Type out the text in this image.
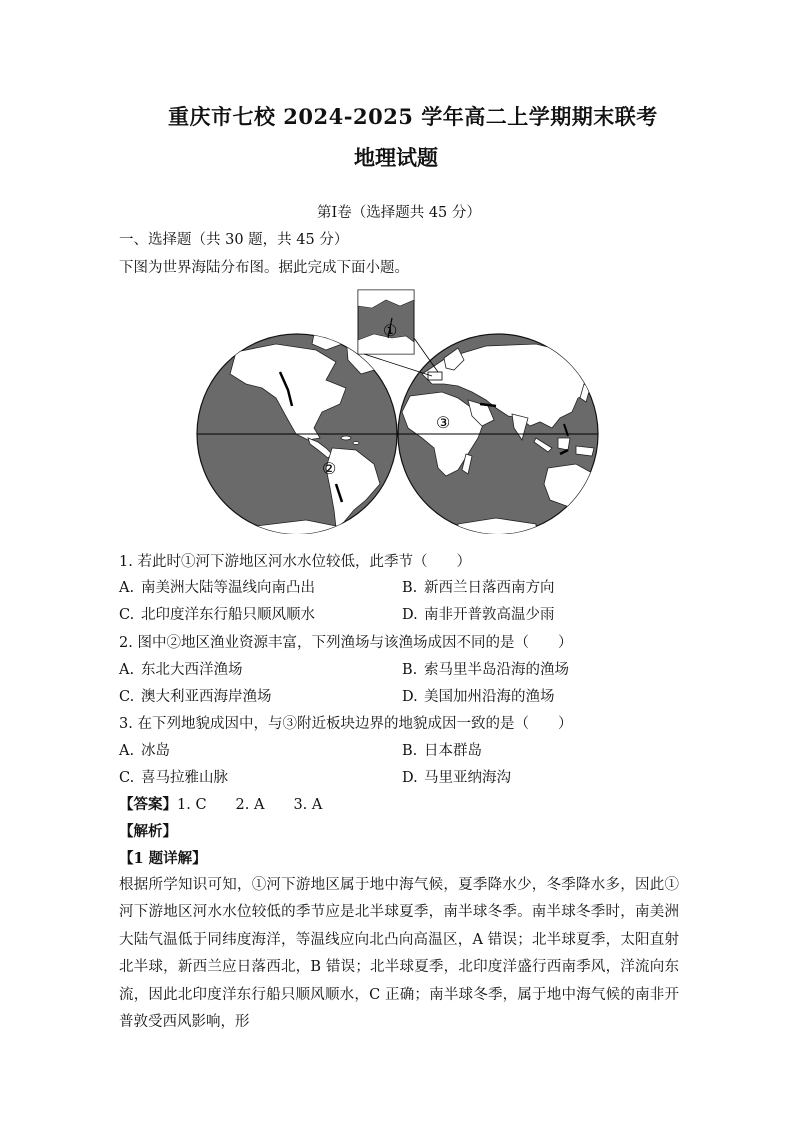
重庆市七校 2024-2025 学年高二上学期期末联考
地理试题
第Ⅰ卷（选择题共 45 分）
一、选择题（共 30 题，共 45 分）
下图为世界海陆分布图。据此完成下面小题。
①
②
③
1. 若此时①河下游地区河水水位较低，此季节（　　）
A. 南美洲大陆等温线向南凸出	B. 新西兰日落西南方向
C. 北印度洋东行船只顺风顺水	D. 南非开普敦高温少雨
2. 图中②地区渔业资源丰富，下列渔场与该渔场成因不同的是（　　）
A. 东北大西洋渔场	B. 索马里半岛沿海的渔场
C. 澳大利亚西海岸渔场	D. 美国加州沿海的渔场
3. 在下列地貌成因中，与③附近板块边界的地貌成因一致的是（　　）
A. 冰岛	B. 日本群岛
C. 喜马拉雅山脉	D. 马里亚纳海沟
【答案】1. C　　2. A　　3. A
【解析】
【1 题详解】
根据所学知识可知，①河下游地区属于地中海气候，夏季降水少，冬季降水多，因此①河下游地区河水水位较低的季节应是北半球夏季，南半球冬季。南半球冬季时，南美洲大陆气温低于同纬度海洋，等温线应向北凸向高温区，A 错误；北半球夏季，太阳直射北半球，新西兰应日落西北，B 错误；北半球夏季，北印度洋盛行西南季风，洋流向东流，因此北印度洋东行船只顺风顺水，C 正确；南半球冬季，属于地中海气候的南非开普敦受西风影响，形
